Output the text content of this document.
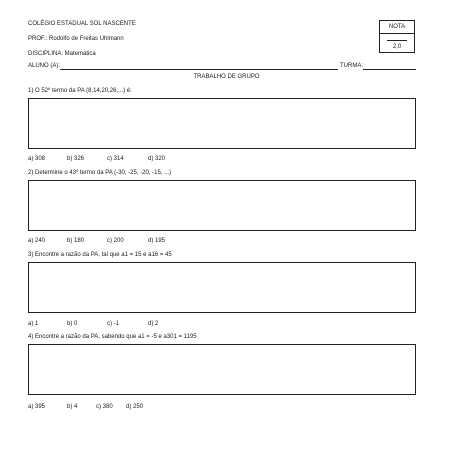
COLÉGIO ESTADUAL SOL NASCENTE
PROF.: Rodolfo de Freitas Uhlmann
DISCIPLINA: Matemática
NOTA
2,0
ALUNO (A):	TURMA:
TRABALHO DE GRUPO
1) O 52º termo da PA (8,14,20,26,...) é:
a) 308	b) 326	c) 314	d) 320
2) Determine o 43º termo da PA (-30, -25, -20, -15, ...)
a) 240	b) 180	c) 200	d) 195
3) Encontre a razão da PA, tal que a1 = 15 e a16 = 45
a) 1	b) 0	c) -1	d) 2
4) Encontre a razão da PA, sabendo que a1 = -5 e a301 = 1195
a) 395	b) 4	c) 380 d) 250
